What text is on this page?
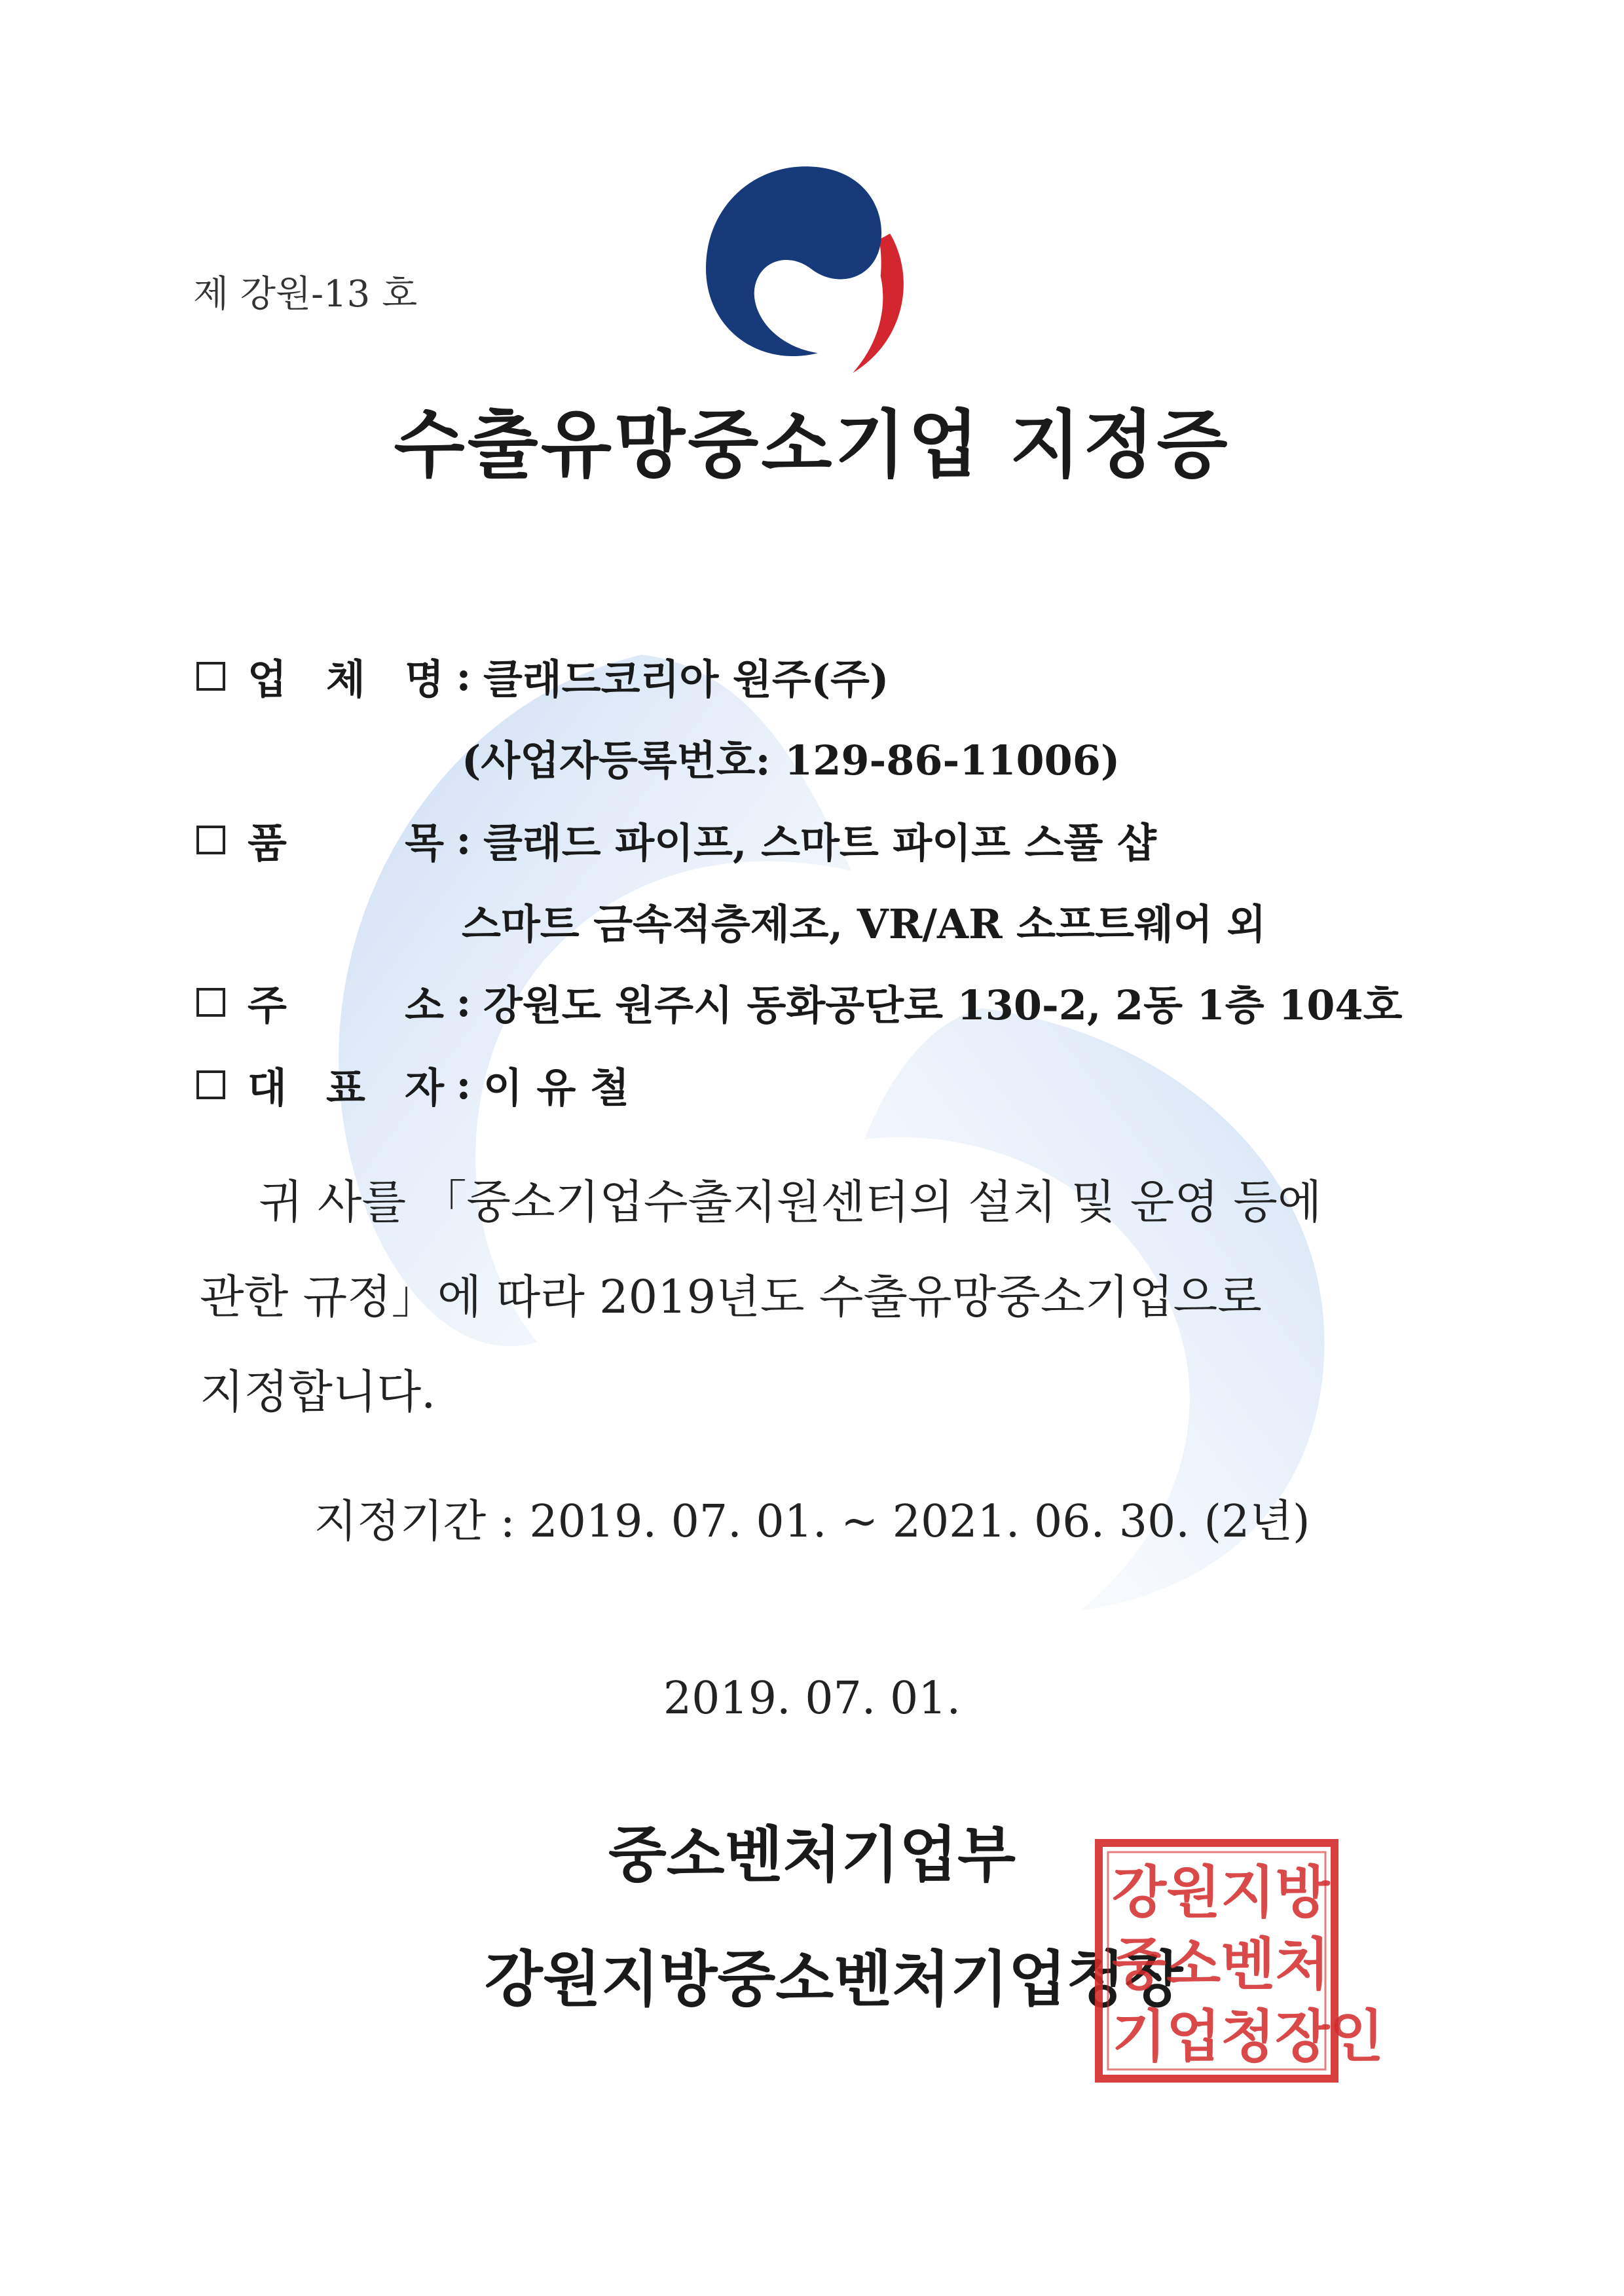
제 강원-13 호
수출유망중소기업 지정증
업 체 명 : 클래드코리아 원주(주)
(사업자등록번호: 129-86-11006)
품 목 : 클래드 파이프, 스마트 파이프 스풀 샵
스마트 금속적층제조, VR/AR 소프트웨어 외
주 소 : 강원도 원주시 동화공단로 130-2, 2동 1층 104호
대 표 자 : 이 유 철
귀 사를 「중소기업수출지원센터의 설치 및 운영 등에
관한 규정」에 따라 2019년도 수출유망중소기업으로
지정합니다.
지정기간 : 2019. 07. 01. ~ 2021. 06. 30. (2년)
2019. 07. 01.
중소벤처기업부
강원지방중소벤처기업청장
강원지방
중소벤처
기업청장인
